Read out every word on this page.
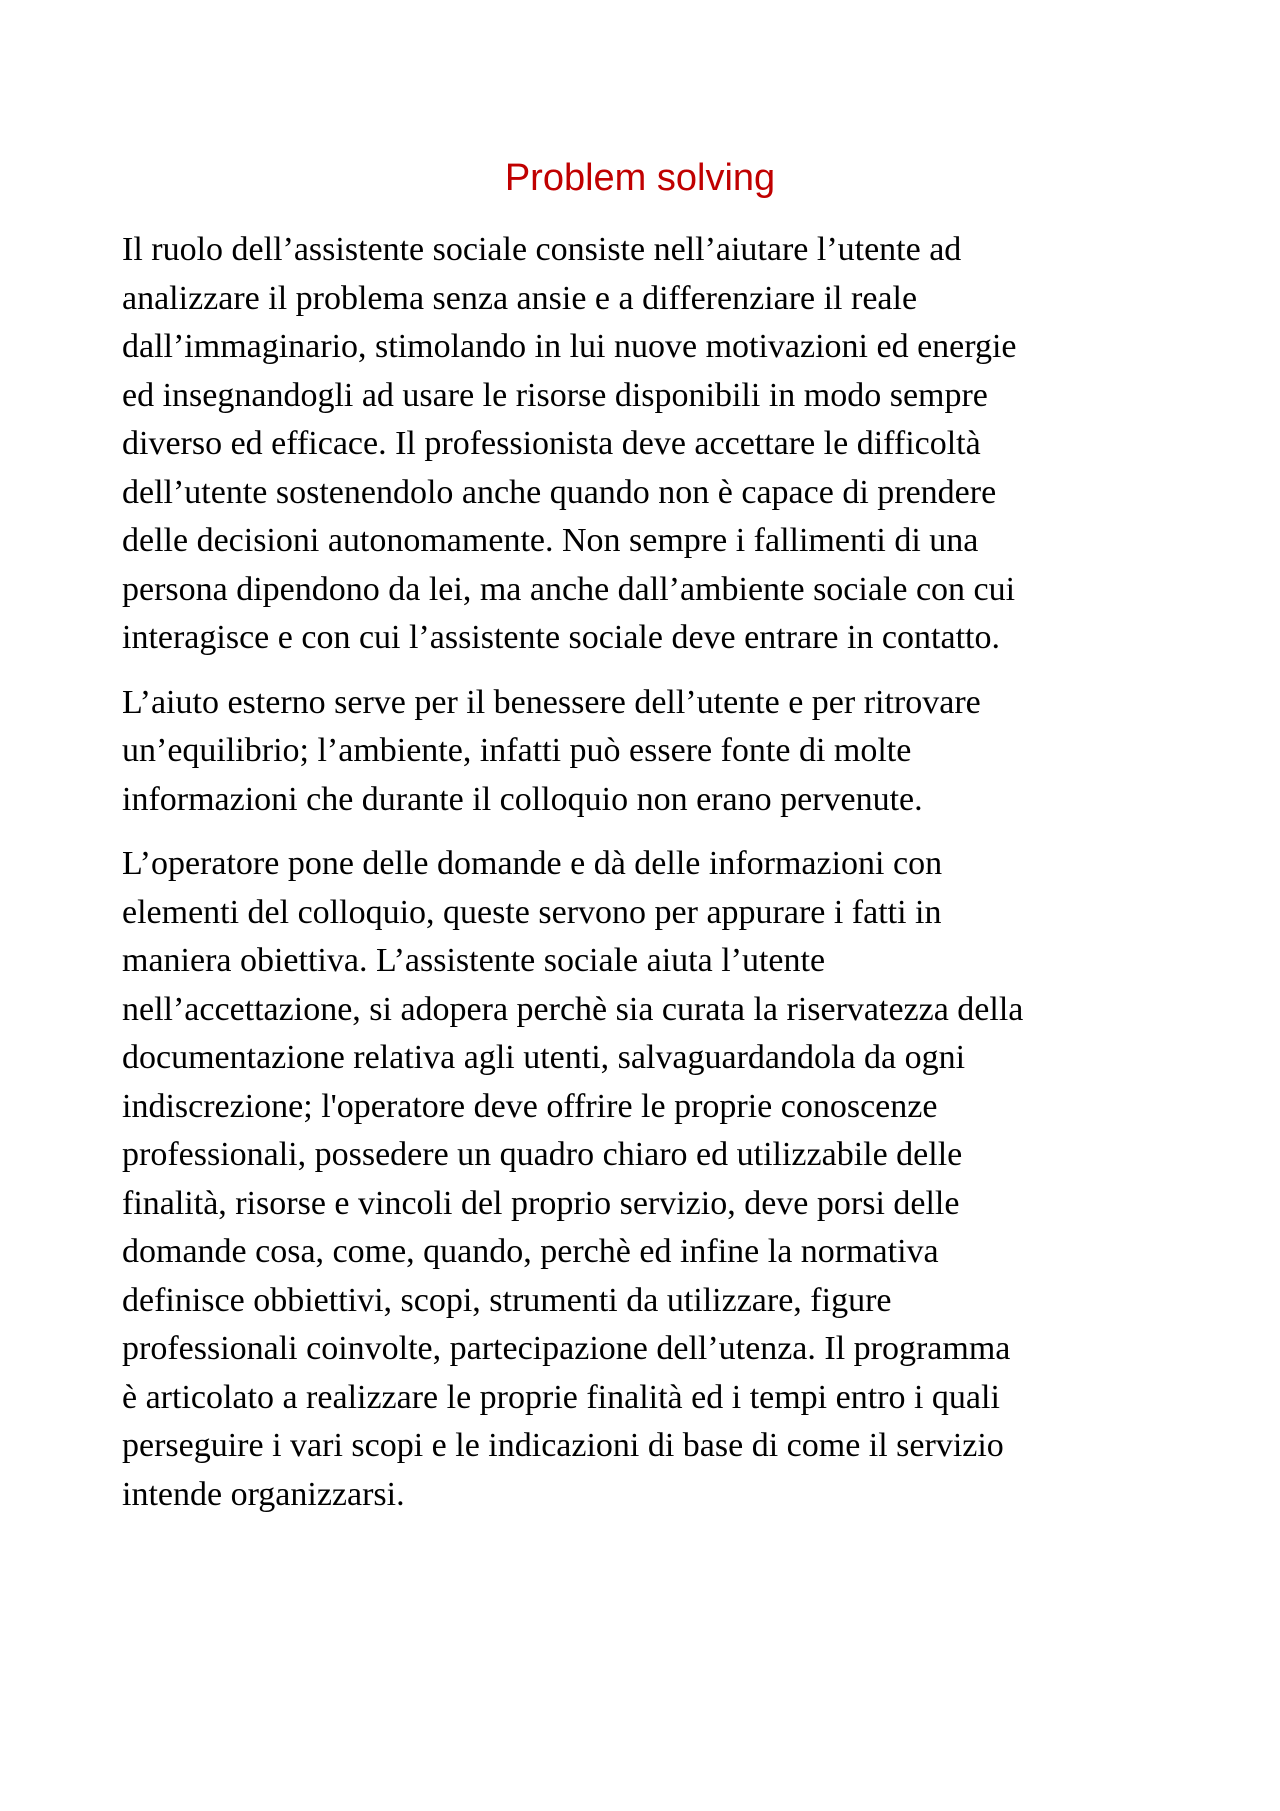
Problem solving

Il ruolo dell’assistente sociale consiste nell’aiutare l’utente ad
analizzare il problema senza ansie e a differenziare il reale
dall’immaginario, stimolando in lui nuove motivazioni ed energie
ed insegnandogli ad usare le risorse disponibili in modo sempre
diverso ed efficace. Il professionista deve accettare le difficoltà
dell’utente sostenendolo anche quando non è capace di prendere
delle decisioni autonomamente. Non sempre i fallimenti di una
persona dipendono da lei, ma anche dall’ambiente sociale con cui
interagisce e con cui l’assistente sociale deve entrare in contatto.

L’aiuto esterno serve per il benessere dell’utente e per ritrovare
un’equilibrio; l’ambiente, infatti può essere fonte di molte
informazioni che durante il colloquio non erano pervenute.

L’operatore pone delle domande e dà delle informazioni con
elementi del colloquio, queste servono per appurare i fatti in
maniera obiettiva. L’assistente sociale aiuta l’utente
nell’accettazione, si adopera perchè sia curata la riservatezza della
documentazione relativa agli utenti, salvaguardandola da ogni
indiscrezione; l'operatore deve offrire le proprie conoscenze
professionali, possedere un quadro chiaro ed utilizzabile delle
finalità, risorse e vincoli del proprio servizio, deve porsi delle
domande cosa, come, quando, perchè ed infine la normativa
definisce obbiettivi, scopi, strumenti da utilizzare, figure
professionali coinvolte, partecipazione dell’utenza. Il programma
è articolato a realizzare le proprie finalità ed i tempi entro i quali
perseguire i vari scopi e le indicazioni di base di come il servizio
intende organizzarsi.
